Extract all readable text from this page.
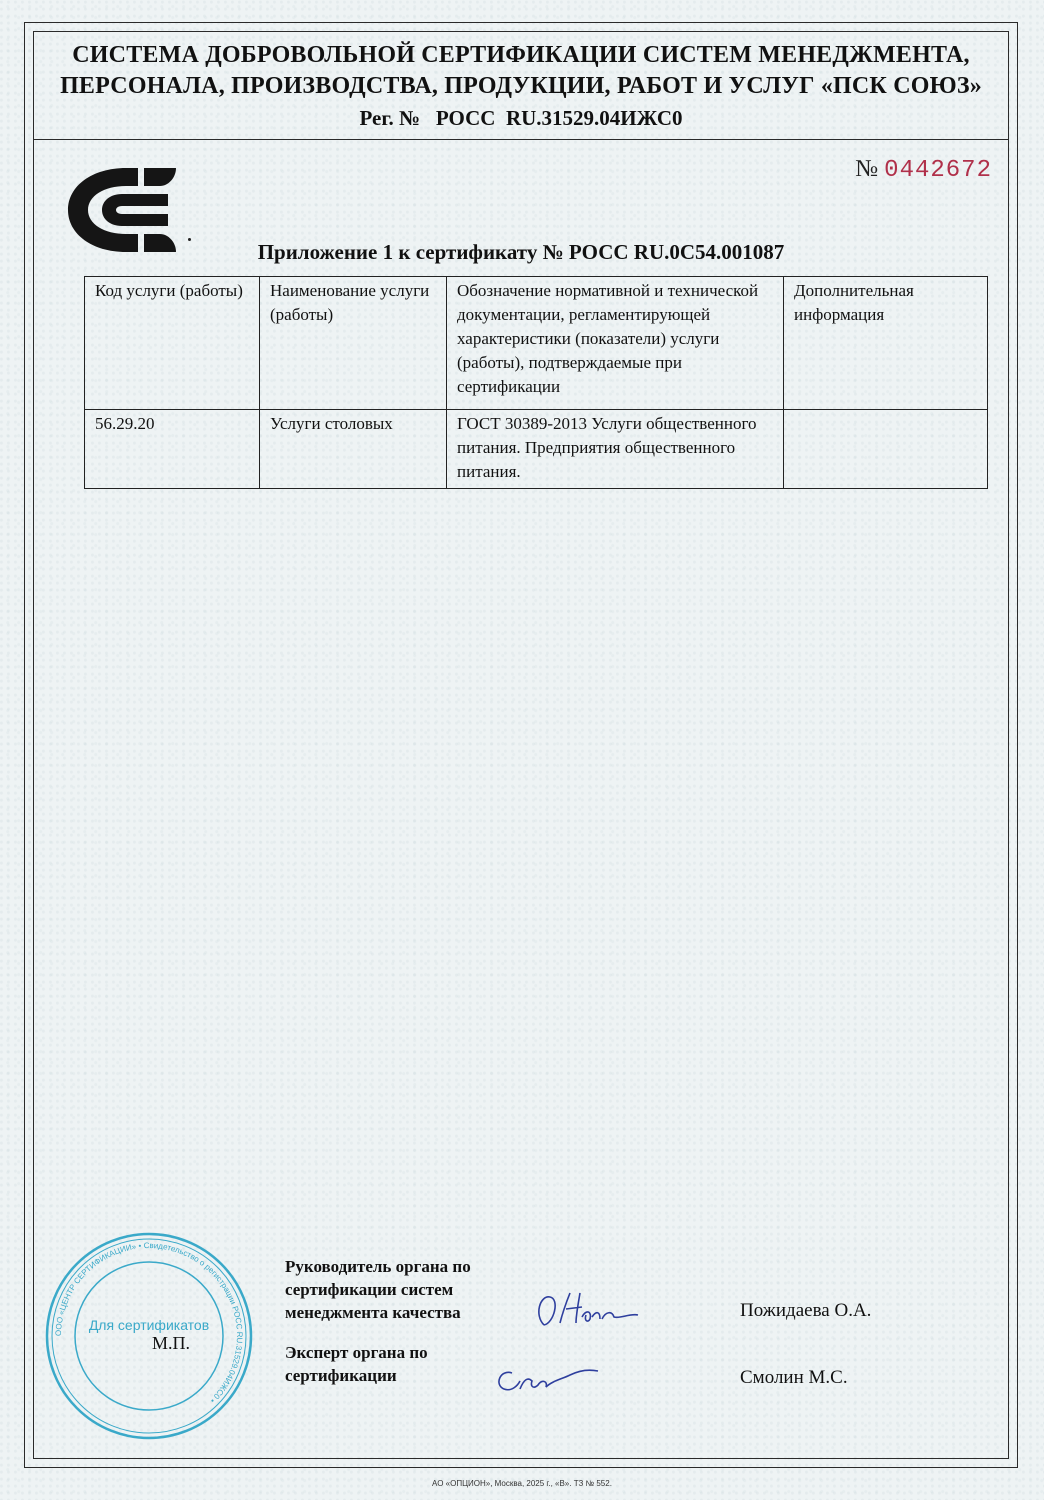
СИСТЕМА ДОБРОВОЛЬНОЙ СЕРТИФИКАЦИИ СИСТЕМ МЕНЕДЖМЕНТА,
ПЕРСОНАЛА, ПРОИЗВОДСТВА, ПРОДУКЦИИ, РАБОТ И УСЛУГ «ПСК СОЮЗ»
Рег. №   РОСС  RU.31529.04ИЖС0
№ 0442672
Приложение 1 к сертификату № РОСС RU.0C54.001087
Код услуги (работы)	Наименование услуги (работы)	Обозначение нормативной и технической документации, регламентирующей характеристики (показатели) услуги (работы), подтверждаемые при сертификации	Дополнительная информация
56.29.20	Услуги столовых	ГОСТ 30389-2013 Услуги общественного питания. Предприятия общественного питания.	
ООО «ЦЕНТР СЕРТИФИКАЦИИ» • Свидетельство о регистрации РОСС RU.31529.04ИЖС0 •
Для сертификатов
М.П.
Руководитель органа по сертификации систем менеджмента качества
Эксперт органа по сертификации
Пожидаева О.А.
Смолин М.С.
АО «ОПЦИОН», Москва, 2025 г., «В». ТЗ № 552.
